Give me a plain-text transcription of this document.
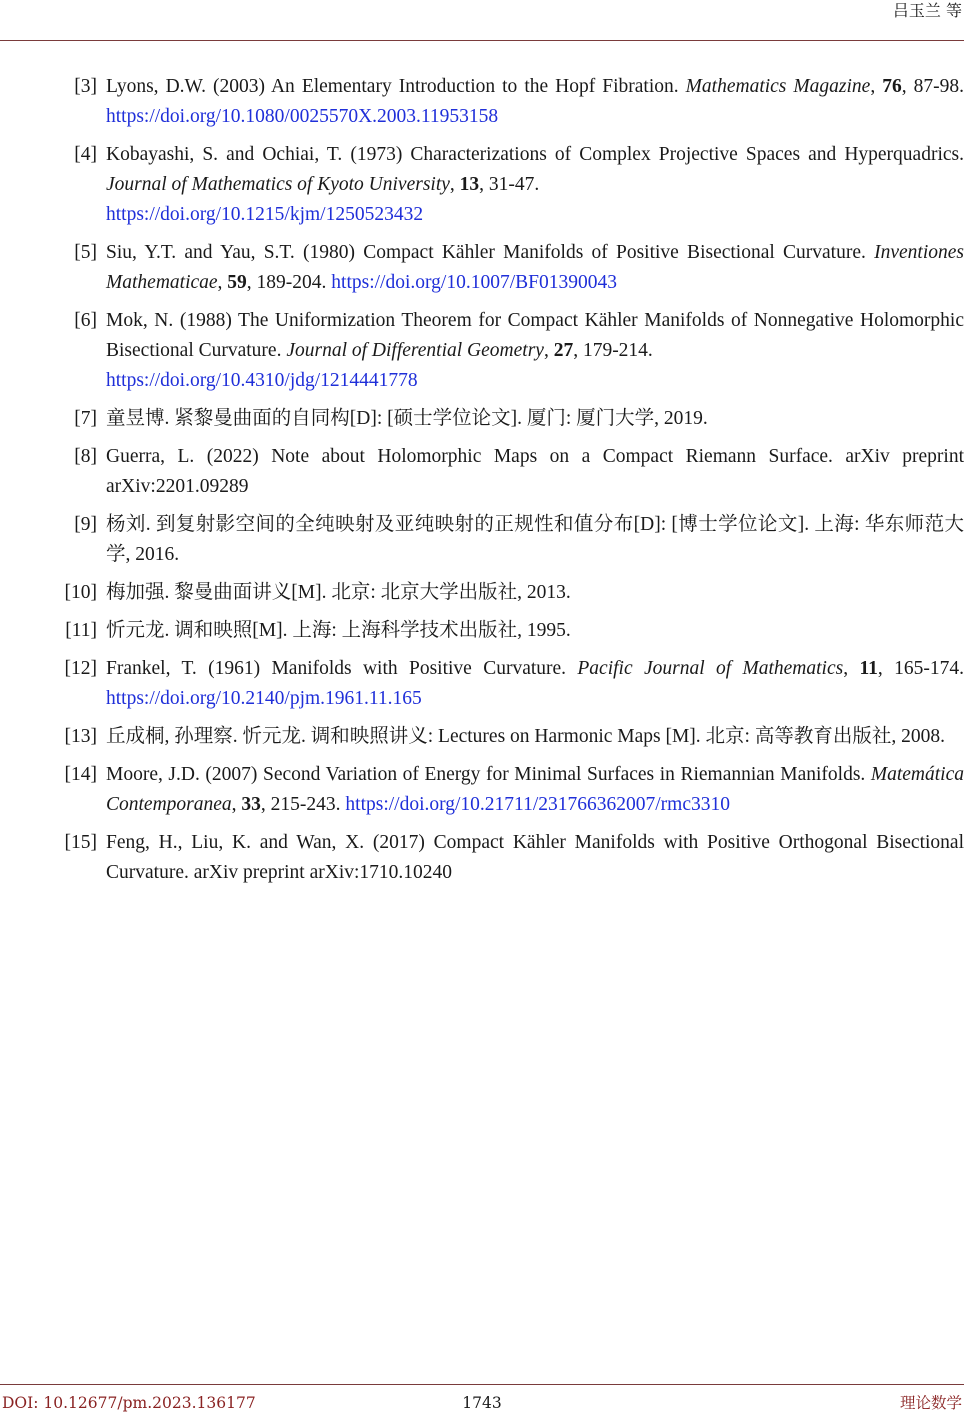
吕玉兰 等
[3] Lyons, D.W. (2003) An Elementary Introduction to the Hopf Fibration. Mathematics Magazine, 76, 87-98. https://doi.org/10.1080/0025570X.2003.11953158
[4] Kobayashi, S. and Ochiai, T. (1973) Characterizations of Complex Projective Spaces and Hyperquadrics. Journal of Mathematics of Kyoto University, 13, 31-47.
https://doi.org/10.1215/kjm/1250523432
[5] Siu, Y.T. and Yau, S.T. (1980) Compact Kähler Manifolds of Positive Bisectional Curvature. Inventiones Mathematicae, 59, 189-204. https://doi.org/10.1007/BF01390043
[6] Mok, N. (1988) The Uniformization Theorem for Compact Kähler Manifolds of Nonnegative Holomorphic Bisectional Curvature. Journal of Differential Geometry, 27, 179-214.
https://doi.org/10.4310/jdg/1214441778
[7] 童昱博. 紧黎曼曲面的自同构[D]: [硕士学位论文]. 厦门: 厦门大学, 2019.
[8] Guerra, L. (2022) Note about Holomorphic Maps on a Compact Riemann Surface. arXiv preprint arXiv:2201.09289
[9] 杨刘. 到复射影空间的全纯映射及亚纯映射的正规性和值分布[D]: [博士学位论文]. 上海: 华东师范大学, 2016.
[10] 梅加强. 黎曼曲面讲义[M]. 北京: 北京大学出版社, 2013.
[11] 忻元龙. 调和映照[M]. 上海: 上海科学技术出版社, 1995.
[12] Frankel, T. (1961) Manifolds with Positive Curvature. Pacific Journal of Mathematics, 11, 165-174. https://doi.org/10.2140/pjm.1961.11.165
[13] 丘成桐, 孙理察. 忻元龙. 调和映照讲义: Lectures on Harmonic Maps [M]. 北京: 高等教育出版社, 2008.
[14] Moore, J.D. (2007) Second Variation of Energy for Minimal Surfaces in Riemannian Manifolds. Matemática Contemporanea, 33, 215-243. https://doi.org/10.21711/231766362007/rmc3310
[15] Feng, H., Liu, K. and Wan, X. (2017) Compact Kähler Manifolds with Positive Orthogonal Bisectional Curvature. arXiv preprint arXiv:1710.10240
DOI: 10.12677/pm.2023.136177	1743	理论数学
